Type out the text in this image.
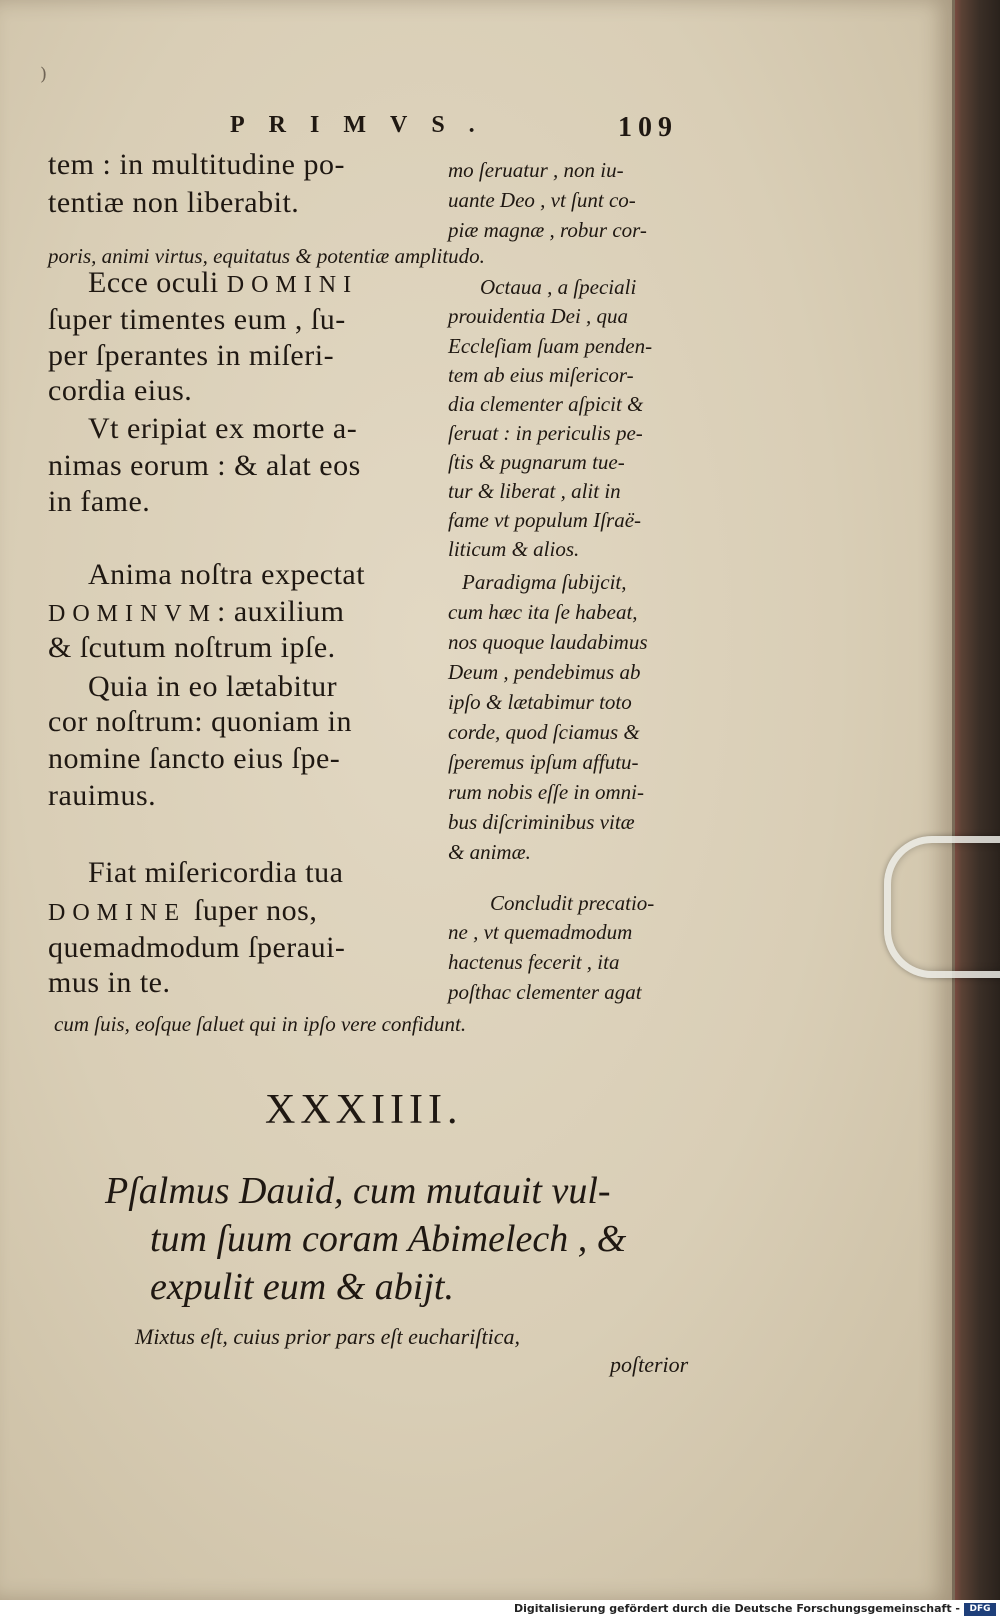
)
PRIMVS.	109
tem : in multitudine po-
tentiæ non liberabit.
Ecce oculi DOMINI
ſuper timentes eum , ſu-
per ſperantes in miſeri-
cordia eius.
Vt eripiat ex morte a-
nimas eorum : & alat eos
in fame.
Anima noſtra expectat
DOMINVM: auxilium
& ſcutum noſtrum ipſe.
Quia in eo lætabitur
cor noſtrum: quoniam in
nomine ſancto eius ſpe-
rauimus.
Fiat miſericordia tua
DOMINE ſuper nos,
quemadmodum ſperaui-
mus in te.
mo ſeruatur , non iu-
uante Deo , vt ſunt co-
piæ magnæ , robur cor-
Octaua , a ſpeciali
prouidentia Dei , qua
Eccleſiam ſuam penden-
tem ab eius miſericor-
dia clementer aſpicit &
ſeruat : in periculis pe-
ſtis & pugnarum tue-
tur & liberat , alit in
fame vt populum Iſraë-
liticum & alios.
Paradigma ſubijcit,
cum hæc ita ſe habeat,
nos quoque laudabimus
Deum , pendebimus ab
ipſo & lætabimur toto
corde, quod ſciamus &
ſperemus ipſum affutu-
rum nobis eſſe in omni-
bus diſcriminibus vitæ
& animæ.
Concludit precatio-
ne , vt quemadmodum
hactenus fecerit , ita
poſthac clementer agat
poris, animi virtus, equitatus & potentiæ amplitudo.
cum ſuis, eoſque ſaluet qui in ipſo vere confidunt.
XXXIIII.
Pſalmus Dauid, cum mutauit vul-
tum ſuum coram Abimelech , &
expulit eum & abijt.
Mixtus eſt, cuius prior pars eſt euchariſtica,
poſterior
Digitalisierung gefördert durch die Deutsche Forschungsgemeinschaft -	DFG
